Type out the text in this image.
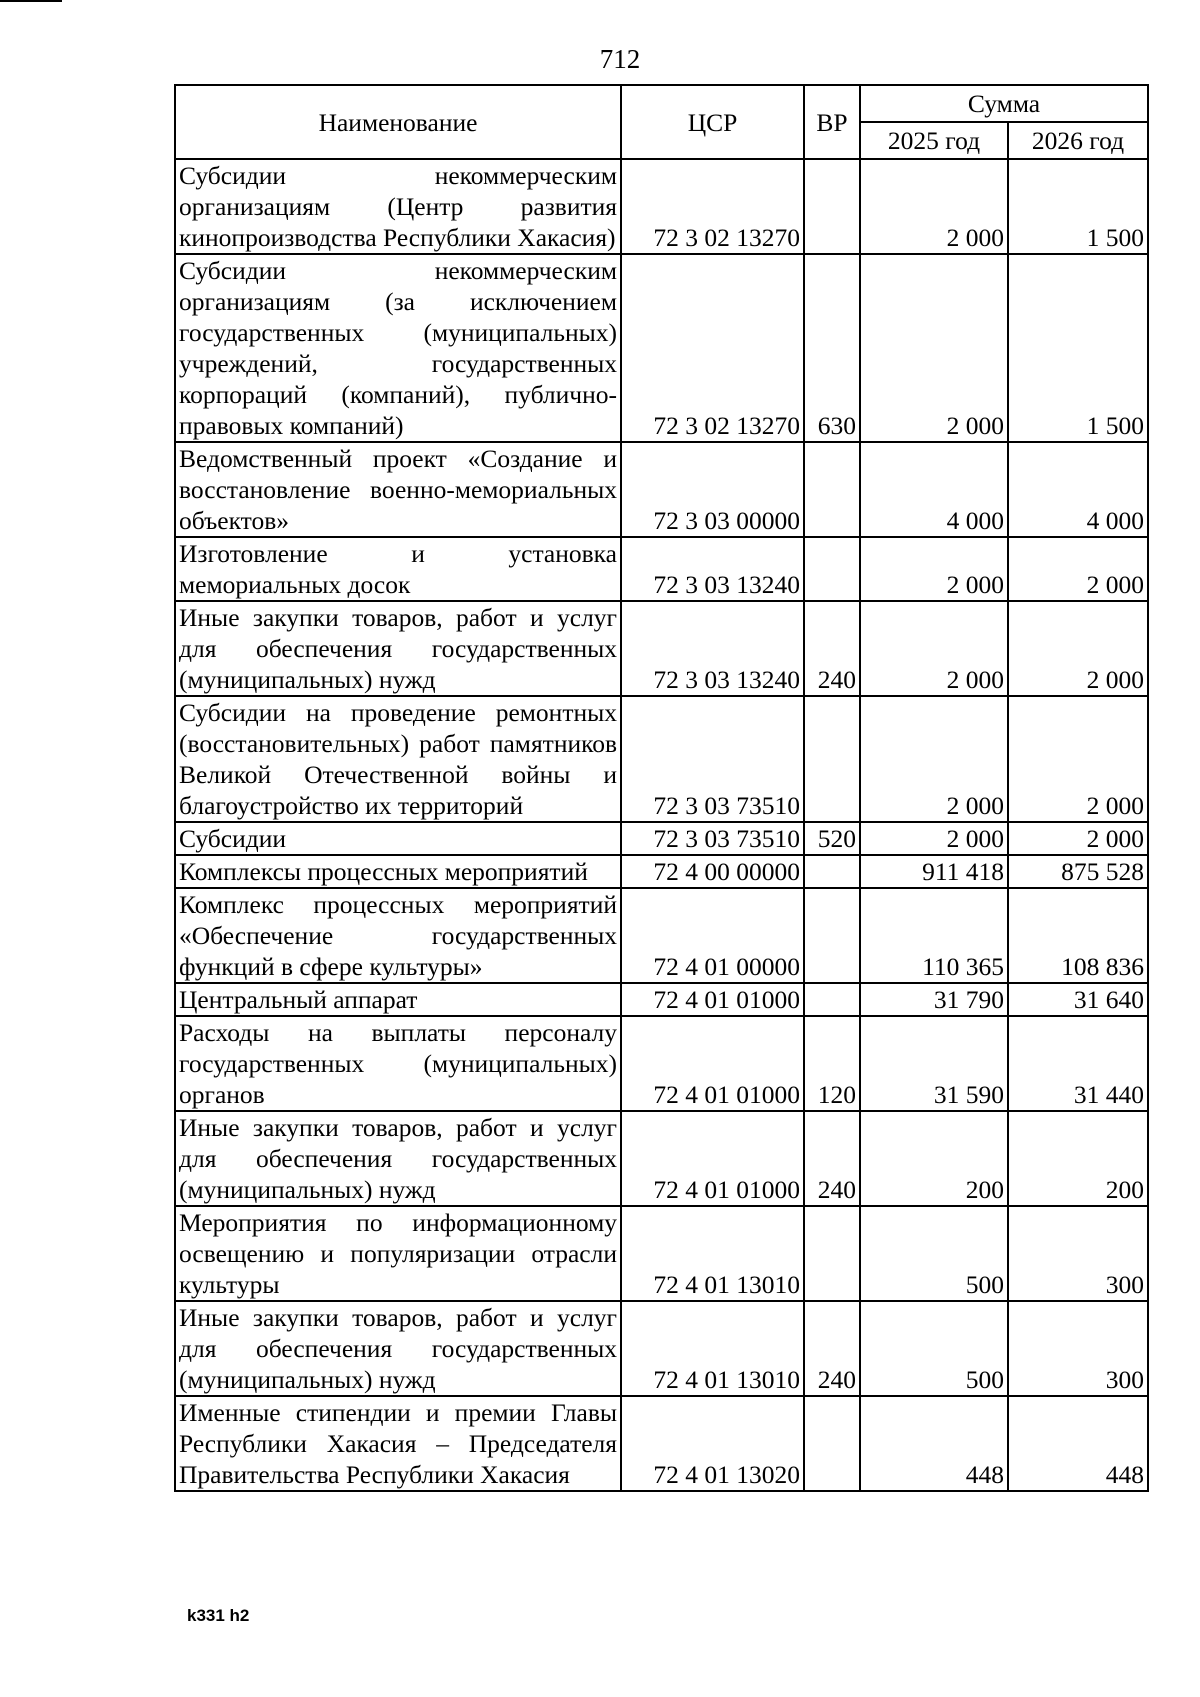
712
Наименование	ЦСР	ВР	Сумма	
			2025 год	2026 год
Субсидии некоммерческим организациям (Центр развития кинопроизводства Республики Хакасия)	72 3 02 13270		2 000	1 500
Субсидии некоммерческим организациям (за исключением государственных (муниципальных) учреждений, государственных корпораций (компаний), публично-правовых компаний)	72 3 02 13270	630	2 000	1 500
Ведомственный проект «Создание и восстановление военно-мемориальных объектов»	72 3 03 00000		4 000	4 000
Изготовление и установка мемориальных досок	72 3 03 13240		2 000	2 000
Иные закупки товаров, работ и услуг для обеспечения государственных (муниципальных) нужд	72 3 03 13240	240	2 000	2 000
Субсидии на проведение ремонтных (восстановительных) работ памятников Великой Отечественной войны и благоустройство их территорий	72 3 03 73510		2 000	2 000
Субсидии	72 3 03 73510	520	2 000	2 000
Комплексы процессных мероприятий	72 4 00 00000		911 418	875 528
Комплекс процессных мероприятий «Обеспечение государственных функций в сфере культуры»	72 4 01 00000		110 365	108 836
Центральный аппарат	72 4 01 01000		31 790	31 640
Расходы на выплаты персоналу государственных (муниципальных) органов	72 4 01 01000	120	31 590	31 440
Иные закупки товаров, работ и услуг для обеспечения государственных (муниципальных) нужд	72 4 01 01000	240	200	200
Мероприятия по информационному освещению и популяризации отрасли культуры	72 4 01 13010		500	300
Иные закупки товаров, работ и услуг для обеспечения государственных (муниципальных) нужд	72 4 01 13010	240	500	300
Именные стипендии и премии Главы Республики Хакасия – Председателя Правительства Республики Хакасия	72 4 01 13020		448	448
k331 h2
